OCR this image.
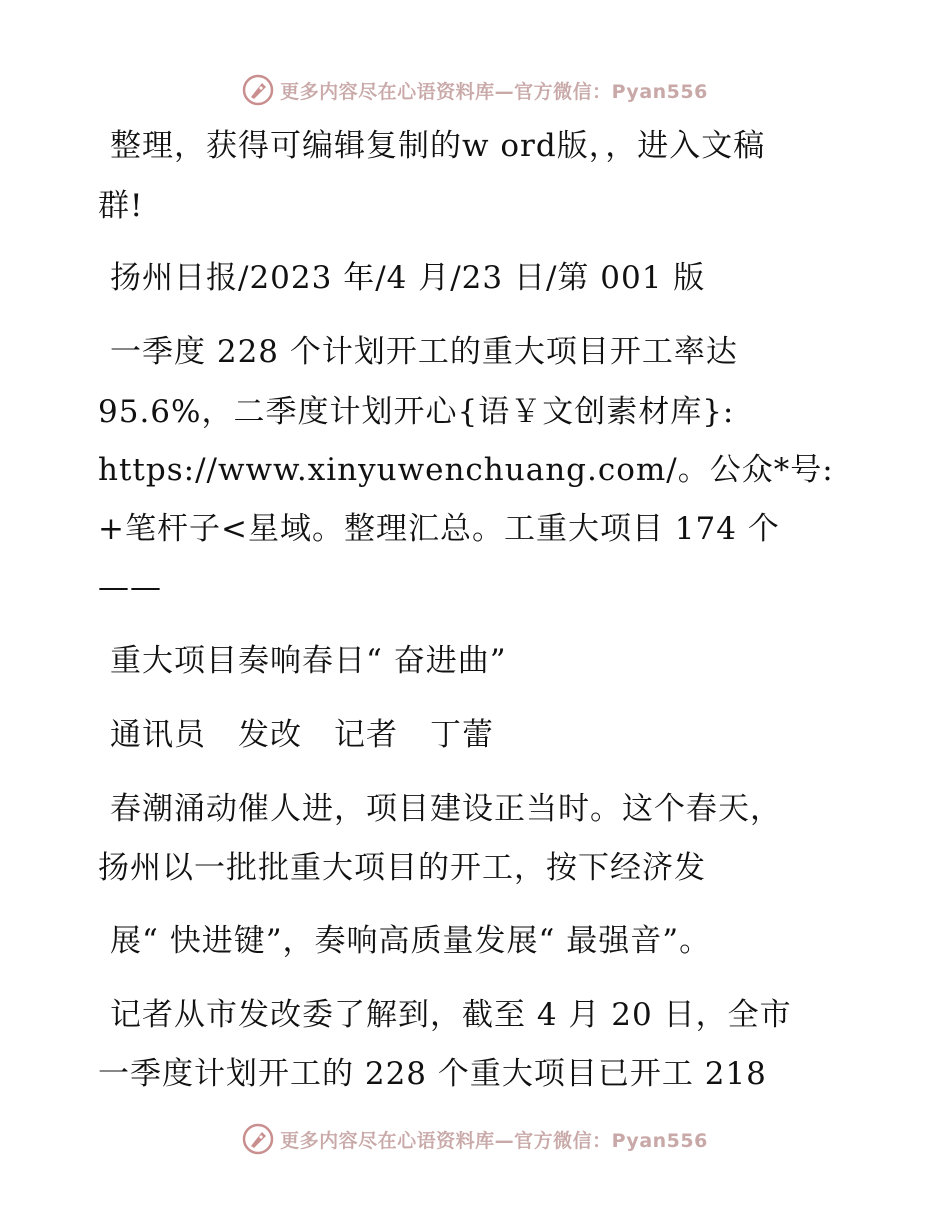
更多内容尽在心语资料库—官方微信：Pyan556
整理，获得可编辑复制的w ord版，，进入文稿
群!
扬州日报/2023 年/4 月/23 日/第 001 版
一季度 228 个计划开工的重大项目开工率达
95.6%，二季度计划开心{语￥文创素材库}:
https://www.xinyuwenchuang.com/。公众*号:
+笔杆子<星域。整理汇总。工重大项目 174 个
——
重大项目奏响春日“ 奋进曲”
通讯员　发改　记者　丁蕾
春潮涌动催人进，项目建设正当时。这个春天，
扬州以一批批重大项目的开工，按下经济发
展“ 快进键”，奏响高质量发展“ 最强音”。
记者从市发改委了解到，截至 4 月 20 日，全市
一季度计划开工的 228 个重大项目已开工 218
更多内容尽在心语资料库—官方微信：Pyan556
